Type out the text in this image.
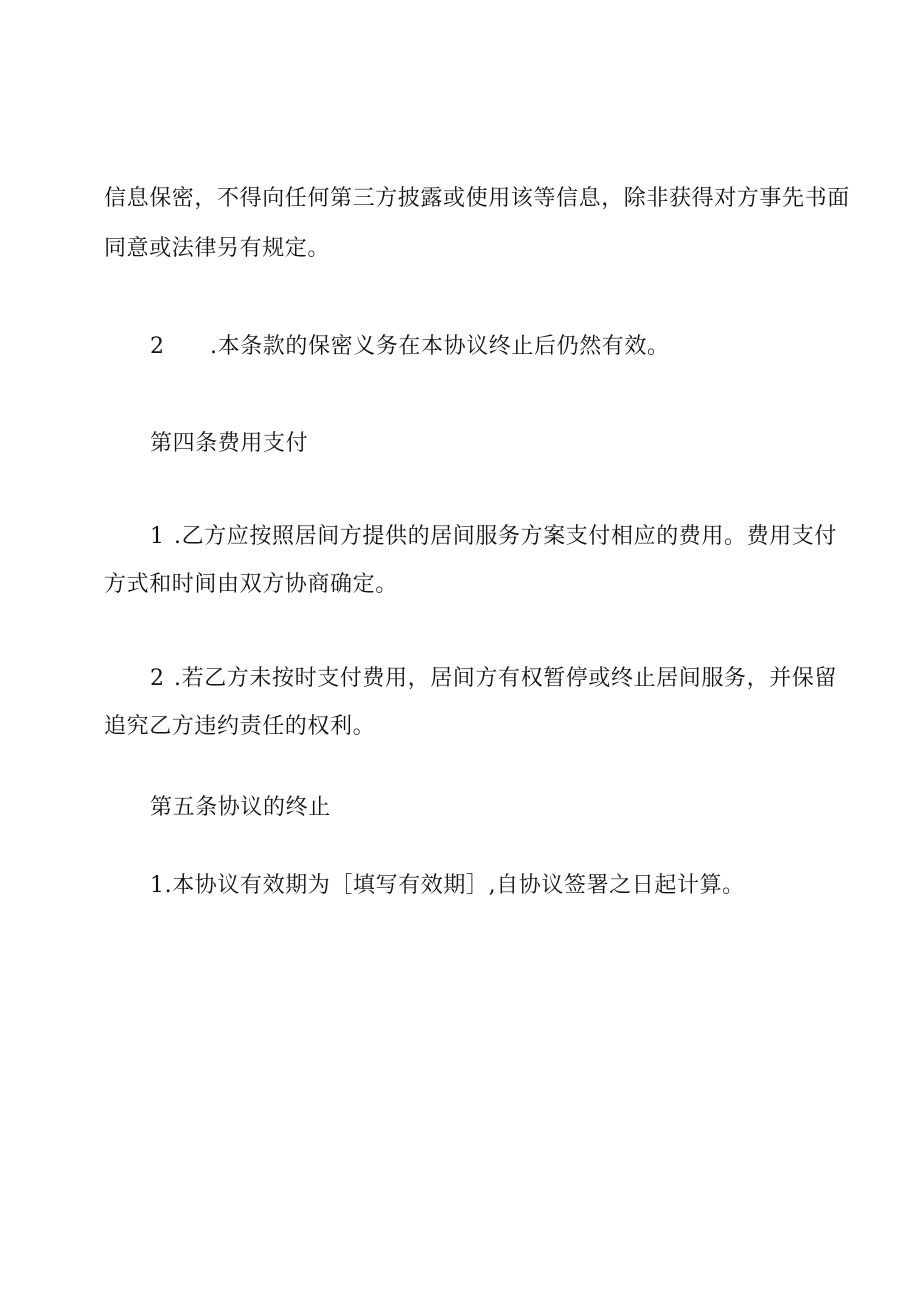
信息保密，不得向任何第三方披露或使用该等信息，除非获得对方事先书面
同意或法律另有规定。
2 .本条款的保密义务在本协议终止后仍然有效。
第四条费用支付
1 .乙方应按照居间方提供的居间服务方案支付相应的费用。费用支付
方式和时间由双方协商确定。
2 .若乙方未按时支付费用，居间方有权暂停或终止居间服务，并保留
追究乙方违约责任的权利。
第五条协议的终止
1.本协议有效期为［填写有效期］,自协议签署之日起计算。
